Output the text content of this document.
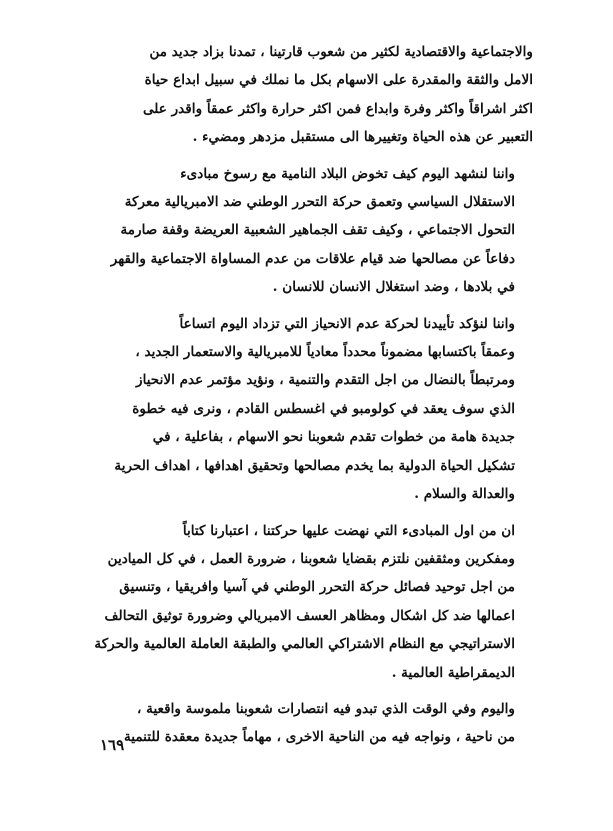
والاجتماعية والاقتصادية لكثير من شعوب قارتينا ، تمدنا بزاد جديد من
الامل والثقة والمقدرة على الاسهام بكل ما نملك في سبيل ابداع حياة
اكثر اشراقاً واكثر وفرة وابداع فمن اكثر حرارة واكثر عمقاً واقدر على
التعبير عن هذه الحياة وتغييرها الى مستقبل مزدهر ومضيء .

واننا لنشهد اليوم كيف تخوض البلاد النامية مع رسوخ مبادىء
الاستقلال السياسي وتعمق حركة التحرر الوطني ضد الامبريالية معركة
التحول الاجتماعي ، وكيف تقف الجماهير الشعبية العريضة وقفة صارمة
دفاعاً عن مصالحها ضد قيام علاقات من عدم المساواة الاجتماعية والقهر
في بلادها ، وضد استغلال الانسان للانسان .

واننا لنؤكد تأييدنا لحركة عدم الانحياز التي تزداد اليوم اتساعاً
وعمقاً باكتسابها مضموناً محدداً معادياً للامبريالية والاستعمار الجديد ،
ومرتبطاً بالنضال من اجل التقدم والتنمية ، ونؤيد مؤتمر عدم الانحياز
الذي سوف يعقد في كولومبو في اغسطس القادم ، ونرى فيه خطوة
جديدة هامة من خطوات تقدم شعوبنا نحو الاسهام ، بفاعلية ، في
تشكيل الحياة الدولية بما يخدم مصالحها وتحقيق اهدافها ، اهداف الحرية
والعدالة والسلام .

ان من اول المبادىء التي نهضت عليها حركتنا ، اعتبارنا كتاباً
ومفكرين ومثقفين نلتزم بقضايا شعوبنا ، ضرورة العمل ، في كل الميادين
من اجل توحيد فصائل حركة التحرر الوطني في آسيا وافريقيا ، وتنسيق
اعمالها ضد كل اشكال ومظاهر العسف الامبريالي وضرورة توثيق التحالف
الاستراتيجي مع النظام الاشتراكي العالمي والطبقة العاملة العالمية والحركة
الديمقراطية العالمية .

واليوم وفي الوقت الذي تبدو فيه انتصارات شعوبنا ملموسة واقعية ،
من ناحية ، ونواجه فيه من الناحية الاخرى ، مهاماً جديدة معقدة للتنمية

١٦٩
